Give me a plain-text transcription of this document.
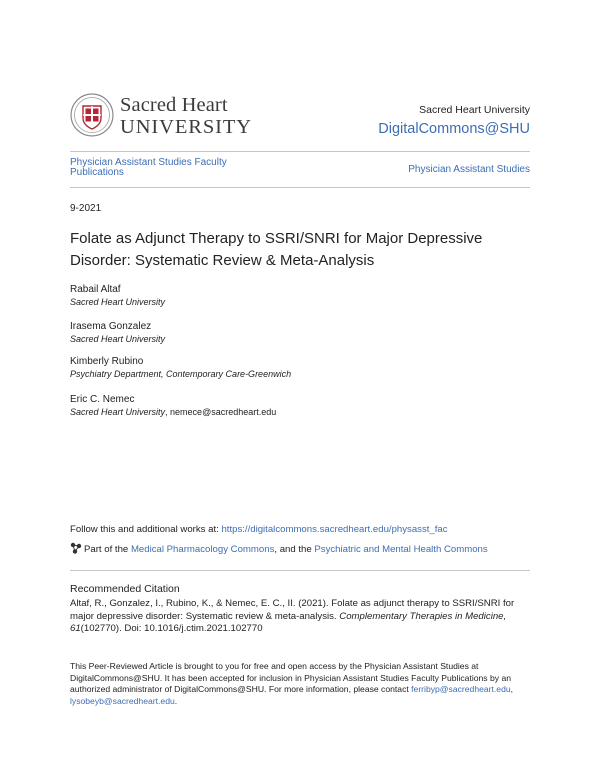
Sacred Heart
UNIVERSITY
Sacred Heart University
DigitalCommons@SHU
Physician Assistant Studies Faculty Publications	Physician Assistant Studies
9-2021
Folate as Adjunct Therapy to SSRI/SNRI for Major Depressive Disorder: Systematic Review & Meta-Analysis
Rabail Altaf
Sacred Heart University
Irasema Gonzalez
Sacred Heart University
Kimberly Rubino
Psychiatry Department, Contemporary Care-Greenwich
Eric C. Nemec
Sacred Heart University, nemece@sacredheart.edu
Follow this and additional works at: https://digitalcommons.sacredheart.edu/physasst_fac
Part of the Medical Pharmacology Commons, and the Psychiatric and Mental Health Commons
Recommended Citation
Altaf, R., Gonzalez, I., Rubino, K., & Nemec, E. C., II. (2021). Folate as adjunct therapy to SSRI/SNRI for major depressive disorder: Systematic review & meta-analysis. Complementary Therapies in Medicine, 61(102770). Doi: 10.1016/j.ctim.2021.102770
This Peer-Reviewed Article is brought to you for free and open access by the Physician Assistant Studies at DigitalCommons@SHU. It has been accepted for inclusion in Physician Assistant Studies Faculty Publications by an authorized administrator of DigitalCommons@SHU. For more information, please contact ferribyp@sacredheart.edu, lysobeyb@sacredheart.edu.
